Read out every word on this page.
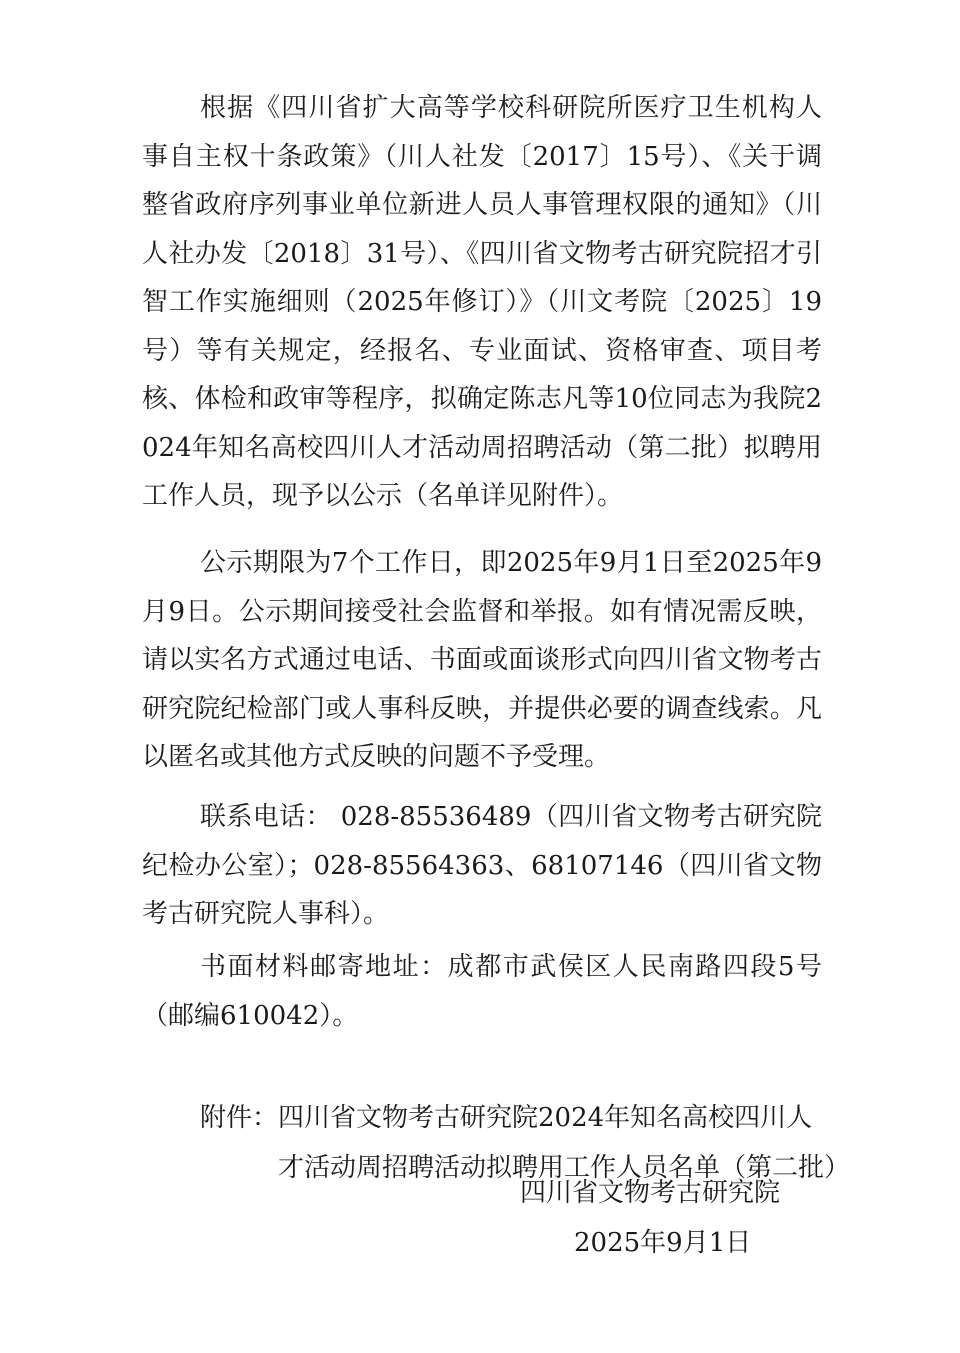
根据《四川省扩大高等学校科研院所医疗卫生机构人事自主权十条政策》（川人社发〔2017〕15号）、《关于调整省政府序列事业单位新进人员人事管理权限的通知》（川人社办发〔2018〕31号）、《四川省文物考古研究院招才引智工作实施细则（2025年修订）》（川文考院〔2025〕19号）等有关规定，经报名、专业面试、资格审查、项目考核、体检和政审等程序，拟确定陈志凡等10位同志为我院2024年知名高校四川人才活动周招聘活动（第二批）拟聘用工作人员，现予以公示（名单详见附件）。

公示期限为7个工作日，即2025年9月1日至2025年9月9日。公示期间接受社会监督和举报。如有情况需反映，请以实名方式通过电话、书面或面谈形式向四川省文物考古研究院纪检部门或人事科反映，并提供必要的调查线索。凡以匿名或其他方式反映的问题不予受理。

联系电话： 028-85536489（四川省文物考古研究院纪检办公室）；028-85564363、68107146（四川省文物考古研究院人事科）。

书面材料邮寄地址：成都市武侯区人民南路四段5号（邮编610042）。

附件：四川省文物考古研究院2024年知名高校四川人
才活动周招聘活动拟聘用工作人员名单（第二批）

四川省文物考古研究院

2025年9月1日
